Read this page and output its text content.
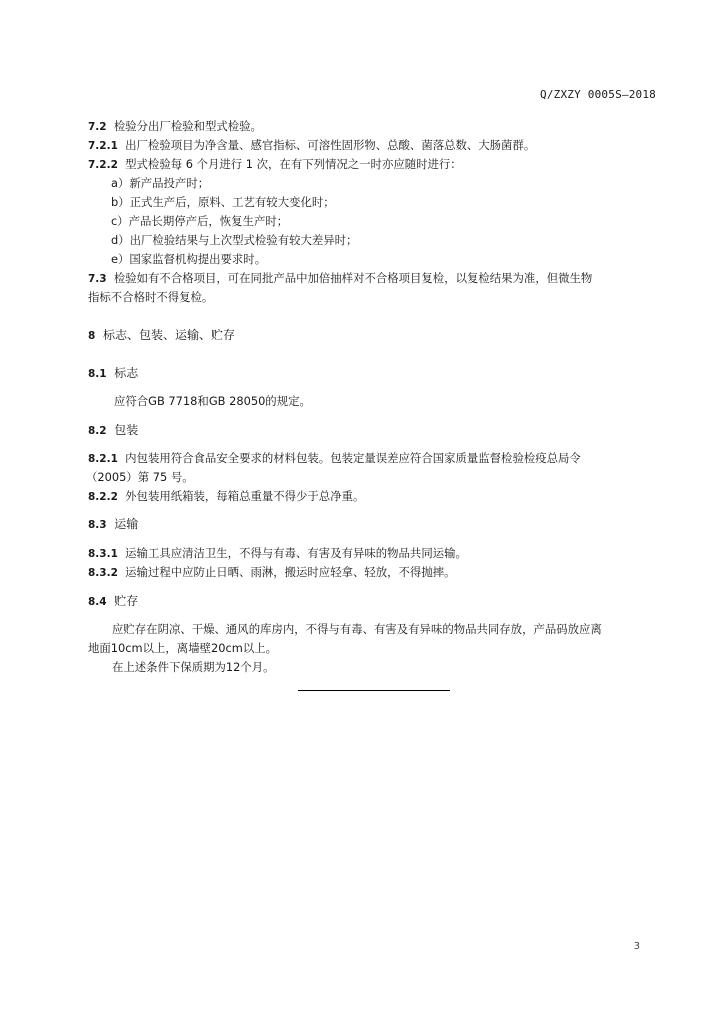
Q/ZXZY 0005S—2018
7.2 检验分出厂检验和型式检验。
7.2.1 出厂检验项目为净含量、感官指标、可溶性固形物、总酸、菌落总数、大肠菌群。
7.2.2 型式检验每 6 个月进行 1 次，在有下列情况之一时亦应随时进行：
a）新产品投产时；
b）正式生产后，原料、工艺有较大变化时；
c）产品长期停产后，恢复生产时；
d）出厂检验结果与上次型式检验有较大差异时；
e）国家监督机构提出要求时。
7.3 检验如有不合格项目，可在同批产品中加倍抽样对不合格项目复检，以复检结果为准，但微生物
指标不合格时不得复检。
8 标志、包装、运输、贮存
8.1 标志
应符合GB 7718和GB 28050的规定。
8.2 包装
8.2.1 内包装用符合食品安全要求的材料包装。包装定量误差应符合国家质量监督检验检疫总局令
（2005）第 75 号。
8.2.2 外包装用纸箱装，每箱总重量不得少于总净重。
8.3 运输
8.3.1 运输工具应清洁卫生，不得与有毒、有害及有异味的物品共同运输。
8.3.2 运输过程中应防止日晒、雨淋，搬运时应轻拿、轻放，不得抛摔。
8.4 贮存
应贮存在阴凉、干燥、通风的库房内，不得与有毒、有害及有异味的物品共同存放，产品码放应离
地面10cm以上，离墙壁20cm以上。
在上述条件下保质期为12个月。
3
